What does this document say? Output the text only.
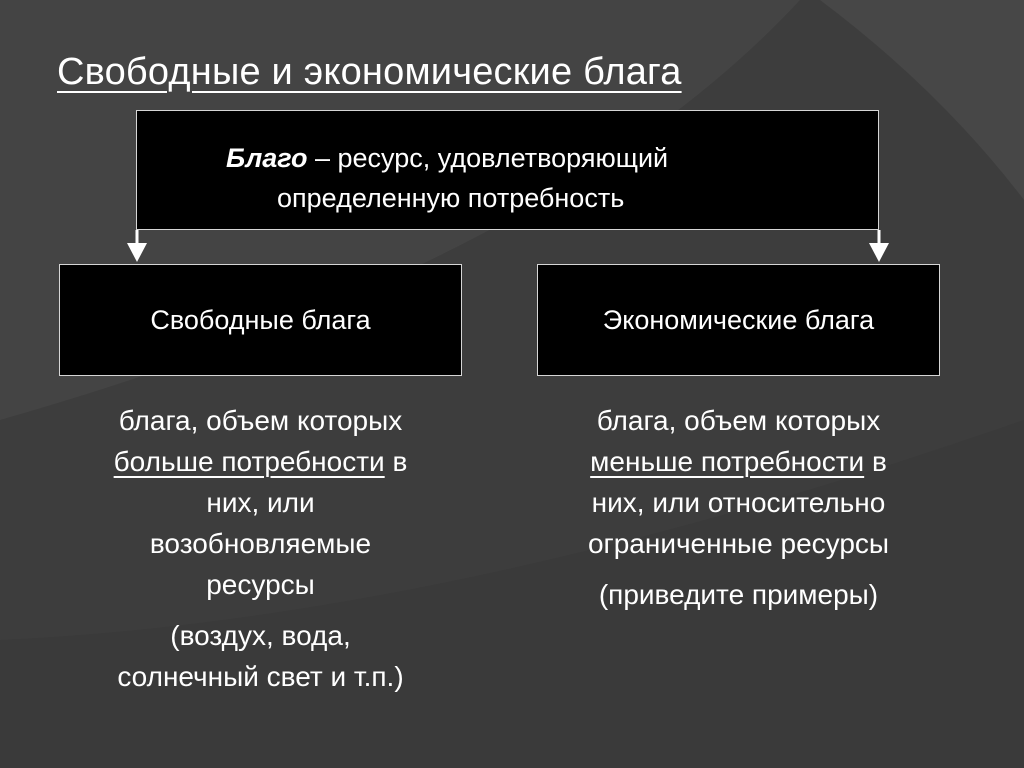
Свободные и экономические блага
Благо – ресурс, удовлетворяющий
определенную потребность
Свободные блага	Экономические блага

блага, объем которых

больше потребности в

них, или

возобновляемые

ресурсы

(воздух, вода,

солнечный свет и т.п.)

блага, объем которых

меньше потребности в

них, или относительно

ограниченные ресурсы

(приведите примеры)
